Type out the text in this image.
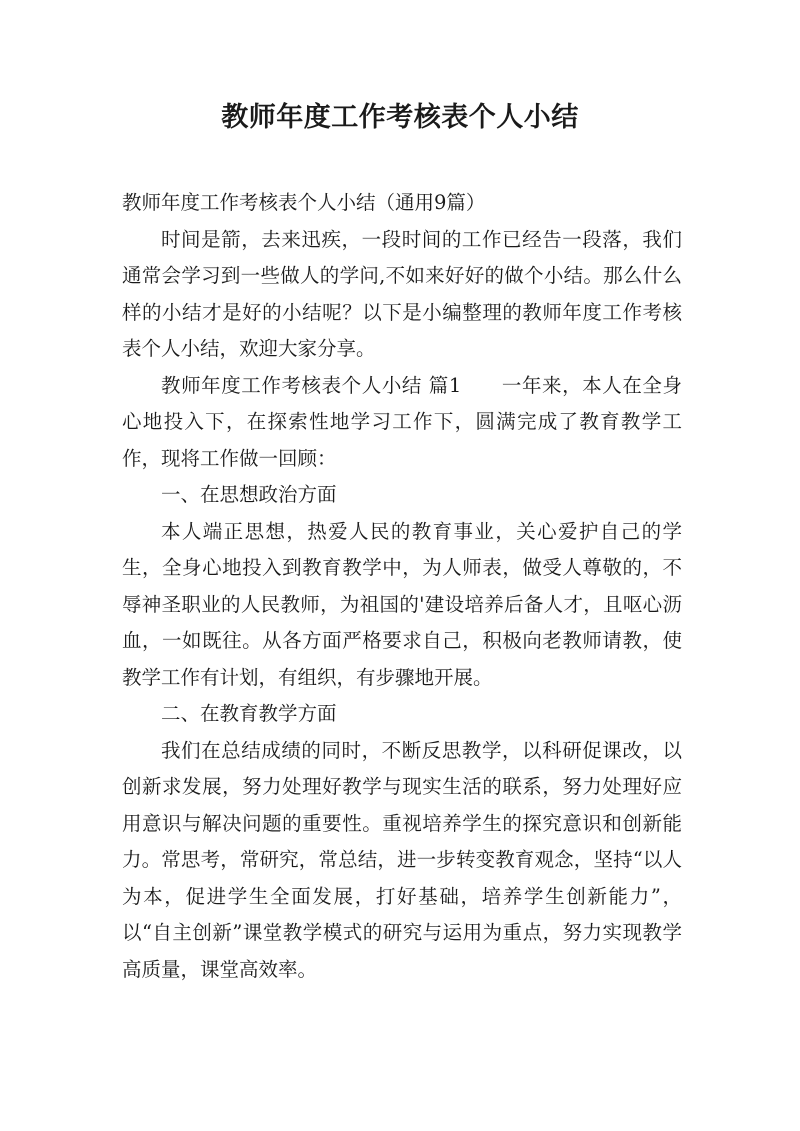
教师年度工作考核表个人小结

教师年度工作考核表个人小结（通用9篇）

时间是箭，去来迅疾，一段时间的工作已经告一段落，我们通常会学习到一些做人的学问,不如来好好的做个小结。那么什么样的小结才是好的小结呢？以下是小编整理的教师年度工作考核表个人小结，欢迎大家分享。

教师年度工作考核表个人小结 篇1 一年来，本人在全身心地投入下，在探索性地学习工作下，圆满完成了教育教学工作，现将工作做一回顾：

一、在思想政治方面

本人端正思想，热爱人民的教育事业，关心爱护自己的学生，全身心地投入到教育教学中，为人师表，做受人尊敬的，不辱神圣职业的人民教师，为祖国的'建设培养后备人才，且呕心沥血，一如既往。从各方面严格要求自己，积极向老教师请教，使教学工作有计划，有组织，有步骤地开展。

二、在教育教学方面

我们在总结成绩的同时，不断反思教学，以科研促课改，以创新求发展，努力处理好教学与现实生活的联系，努力处理好应用意识与解决问题的重要性。重视培养学生的探究意识和创新能力。常思考，常研究，常总结，进一步转变教育观念，坚持“以人为本，促进学生全面发展，打好基础，培养学生创新能力”，以“自主创新”课堂教学模式的研究与运用为重点，努力实现教学高质量，课堂高效率。
